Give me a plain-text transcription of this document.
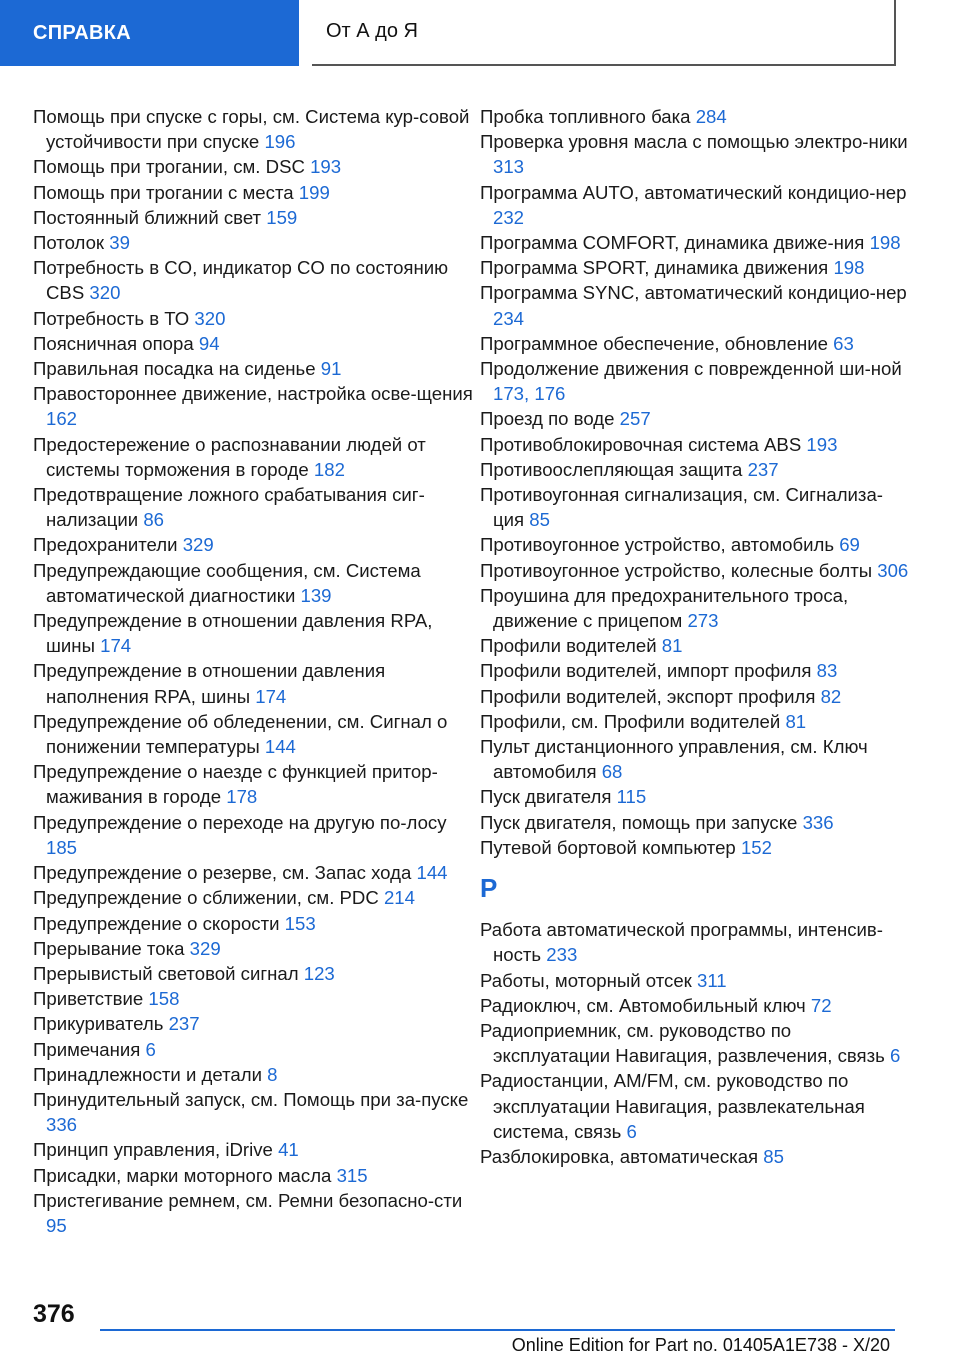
СПРАВКА	От А до Я
Помощь при спуске с горы, см. Система кур-совой устойчивости при спуске 196
Помощь при трогании, см. DSC 193
Помощь при трогании с места 199
Постоянный ближний свет 159
Потолок 39
Потребность в CO, индикатор CO по состоянию CBS 320
Потребность в ТО 320
Поясничная опора 94
Правильная посадка на сиденье 91
Правостороннее движение, настройка осве-щения 162
Предостережение о распознавании людей от системы торможения в городе 182
Предотвращение ложного срабатывания сиг-нализации 86
Предохранители 329
Предупреждающие сообщения, см. Система автоматической диагностики 139
Предупреждение в отношении давления RPA, шины 174
Предупреждение в отношении давления наполнения RPA, шины 174
Предупреждение об обледенении, см. Сигнал о понижении температуры 144
Предупреждение о наезде с функцией притор-маживания в городе 178
Предупреждение о переходе на другую по-лосу 185
Предупреждение о резерве, см. Запас хода 144
Предупреждение о сближении, см. PDC 214
Предупреждение о скорости 153
Прерывание тока 329
Прерывистый световой сигнал 123
Приветствие 158
Прикуриватель 237
Примечания 6
Принадлежности и детали 8
Принудительный запуск, см. Помощь при за-пуске 336
Принцип управления, iDrive 41
Присадки, марки моторного масла 315
Пристегивание ремнем, см. Ремни безопасно-сти 95
Пробка топливного бака 284
Проверка уровня масла с помощью электро-ники 313
Программа AUTO, автоматический кондицио-нер 232
Программа COMFORT, динамика движе-ния 198
Программа SPORT, динамика движения 198
Программа SYNC, автоматический кондицио-нер 234
Программное обеспечение, обновление 63
Продолжение движения с поврежденной ши-ной 173, 176
Проезд по воде 257
Противоблокировочная система ABS 193
Противоослепляющая защита 237
Противоугонная сигнализация, см. Сигнализа-ция 85
Противоугонное устройство, автомобиль 69
Противоугонное устройство, колесные болты 306
Проушина для предохранительного троса, движение с прицепом 273
Профили водителей 81
Профили водителей, импорт профиля 83
Профили водителей, экспорт профиля 82
Профили, см. Профили водителей 81
Пульт дистанционного управления, см. Ключ автомобиля 68
Пуск двигателя 115
Пуск двигателя, помощь при запуске 336
Путевой бортовой компьютер 152
Р
Работа автоматической программы, интенсив-ность 233
Работы, моторный отсек 311
Радиоключ, см. Автомобильный ключ 72
Радиоприемник, см. руководство по эксплуатации Навигация, развлечения, связь 6
Радиостанции, AM/FM, см. руководство по эксплуатации Навигация, развлекательная система, связь 6
Разблокировка, автоматическая 85
376
Online Edition for Part no. 01405A1E738 - X/20
